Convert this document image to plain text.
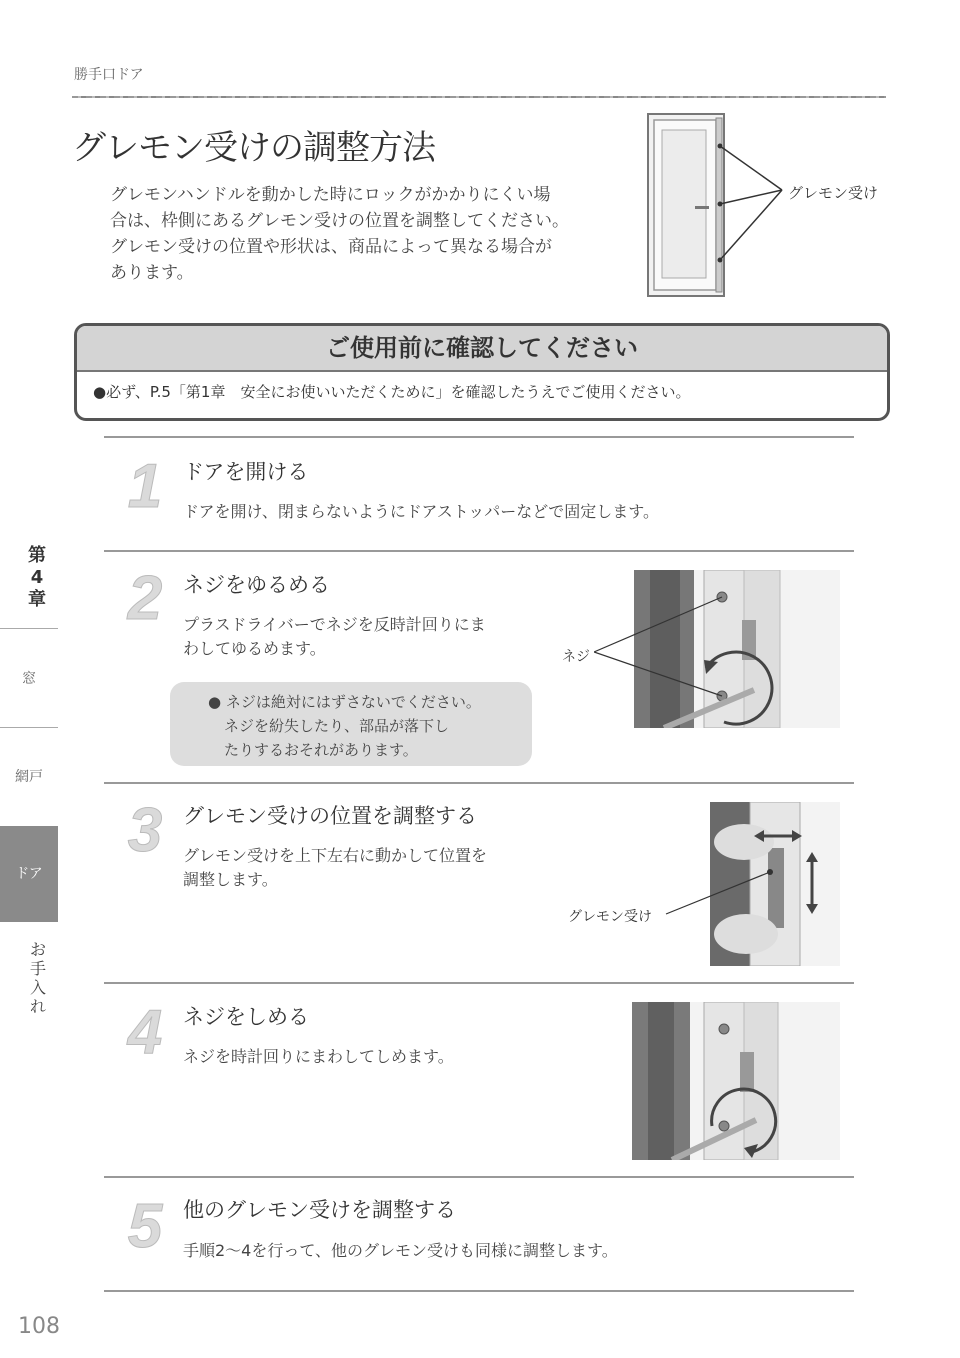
勝手口ドア
グレモン受けの調整方法

グレモンハンドルを動かした時にロックがかかりにくい場

合は、枠側にあるグレモン受けの位置を調整してください。

グレモン受けの位置や形状は、商品によって異なる場合が

あります。

グレモン受け
ご使用前に確認してください
●必ず、P.5「第1章　安全にお使いいただくために」を確認したうえでご使用ください。
1 ドアを開ける
ドアを開け、閉まらないようにドアストッパーなどで固定します。
2 ネジをゆるめる
プラスドライバーでネジを反時計回りにま
わしてゆるめます。
● ネジは絶対にはずさないでください。
ネジを紛失したり、部品が落下し
たりするおそれがあります。
ネジ
3 グレモン受けの位置を調整する
グレモン受けを上下左右に動かして位置を
調整します。
グレモン受け
4 ネジをしめる
ネジを時計回りにまわしてしめます。
5 他のグレモン受けを調整する
手順2～4を行って、他のグレモン受けも同様に調整します。
第
4
章
窓
網戸
ドア
お
手
入
れ
108
